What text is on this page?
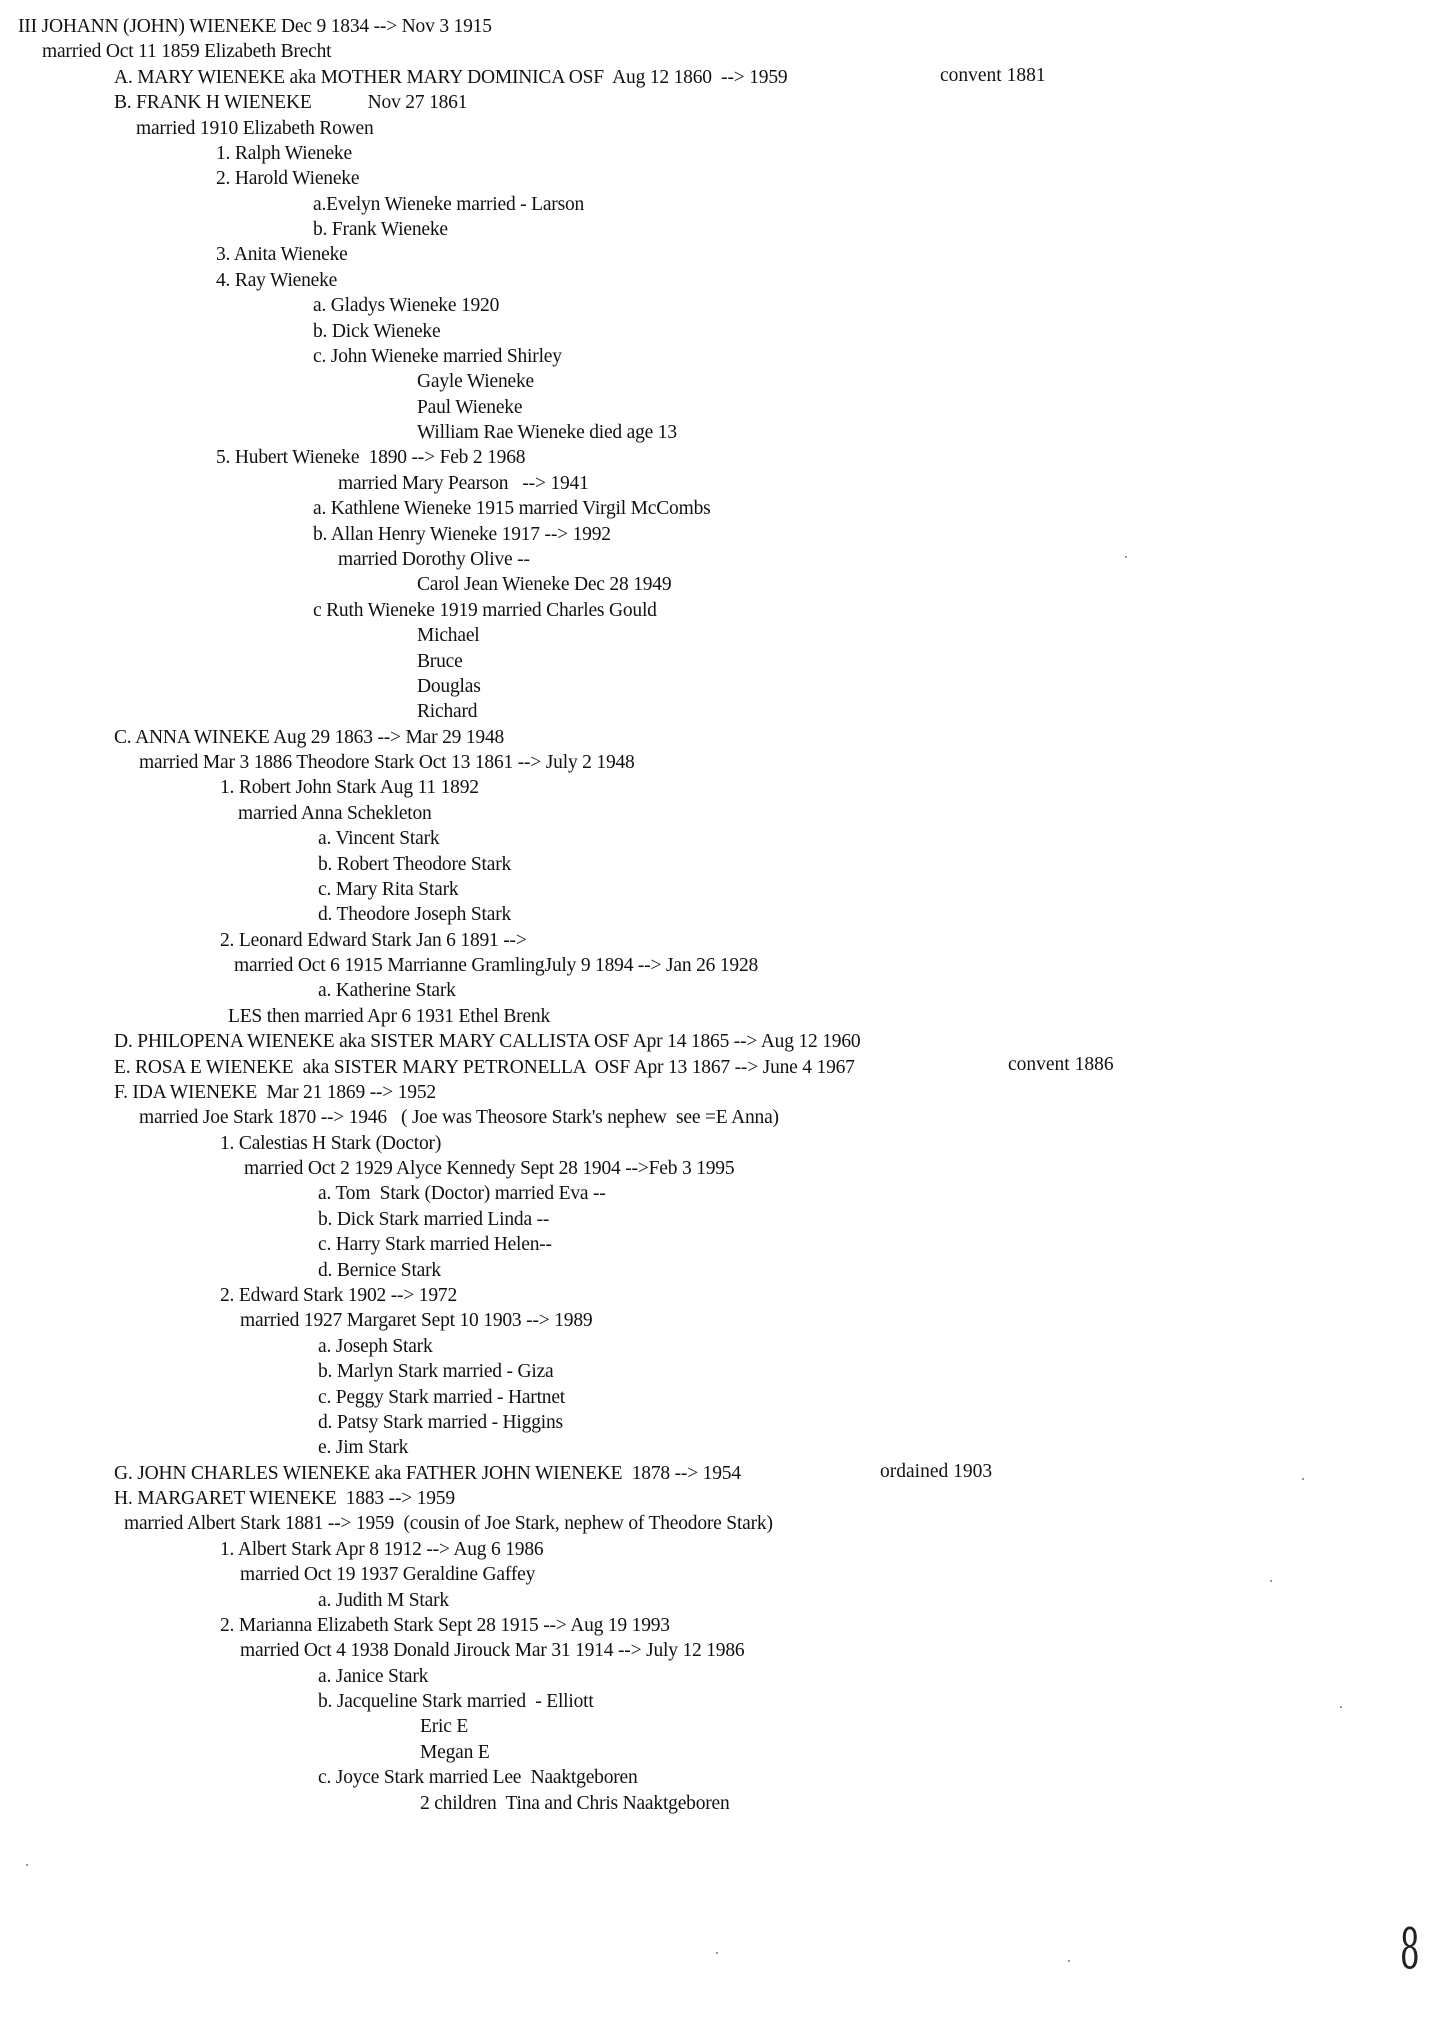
III JOHANN (JOHN) WIENEKE Dec 9 1834 --> Nov 3 1915
married Oct 11 1859 Elizabeth Brecht
A. MARY WIENEKE aka MOTHER MARY DOMINICA OSF  Aug 12 1860  --> 1959
B. FRANK H WIENEKE            Nov 27 1861
married 1910 Elizabeth Rowen
1. Ralph Wieneke
2. Harold Wieneke
a.Evelyn Wieneke married - Larson
b. Frank Wieneke
3. Anita Wieneke
4. Ray Wieneke
a. Gladys Wieneke 1920
b. Dick Wieneke
c. John Wieneke married Shirley
Gayle Wieneke
Paul Wieneke
William Rae Wieneke died age 13
5. Hubert Wieneke  1890 --> Feb 2 1968
married Mary Pearson   --> 1941
a. Kathlene Wieneke 1915 married Virgil McCombs
b. Allan Henry Wieneke 1917 --> 1992
married Dorothy Olive --
Carol Jean Wieneke Dec 28 1949
c Ruth Wieneke 1919 married Charles Gould
Michael
Bruce
Douglas
Richard
C. ANNA WINEKE Aug 29 1863 --> Mar 29 1948
married Mar 3 1886 Theodore Stark Oct 13 1861 --> July 2 1948
1. Robert John Stark Aug 11 1892
married Anna Schekleton
a. Vincent Stark
b. Robert Theodore Stark
c. Mary Rita Stark
d. Theodore Joseph Stark
2. Leonard Edward Stark Jan 6 1891 -->
married Oct 6 1915 Marrianne GramlingJuly 9 1894 --> Jan 26 1928
a. Katherine Stark
LES then married Apr 6 1931 Ethel Brenk
D. PHILOPENA WIENEKE aka SISTER MARY CALLISTA OSF Apr 14 1865 --> Aug 12 1960
E. ROSA E WIENEKE  aka SISTER MARY PETRONELLA  OSF Apr 13 1867 --> June 4 1967
F. IDA WIENEKE  Mar 21 1869 --> 1952
married Joe Stark 1870 --> 1946   ( Joe was Theosore Stark's nephew  see =E Anna)
1. Calestias H Stark (Doctor)
married Oct 2 1929 Alyce Kennedy Sept 28 1904 -->Feb 3 1995
a. Tom  Stark (Doctor) married Eva --
b. Dick Stark married Linda --
c. Harry Stark married Helen--
d. Bernice Stark
2. Edward Stark 1902 --> 1972
married 1927 Margaret Sept 10 1903 --> 1989
a. Joseph Stark
b. Marlyn Stark married - Giza
c. Peggy Stark married - Hartnet
d. Patsy Stark married - Higgins
e. Jim Stark
G. JOHN CHARLES WIENEKE aka FATHER JOHN WIENEKE  1878 --> 1954
H. MARGARET WIENEKE  1883 --> 1959
married Albert Stark 1881 --> 1959  (cousin of Joe Stark, nephew of Theodore Stark)
1. Albert Stark Apr 8 1912 --> Aug 6 1986
married Oct 19 1937 Geraldine Gaffey
a. Judith M Stark
2. Marianna Elizabeth Stark Sept 28 1915 --> Aug 19 1993
married Oct 4 1938 Donald Jirouck Mar 31 1914 --> July 12 1986
a. Janice Stark
b. Jacqueline Stark married  - Elliott
Eric E
Megan E
c. Joyce Stark married Lee  Naaktgeboren
2 children  Tina and Chris Naaktgeboren
convent 1881
convent 1886
ordained 1903
8
